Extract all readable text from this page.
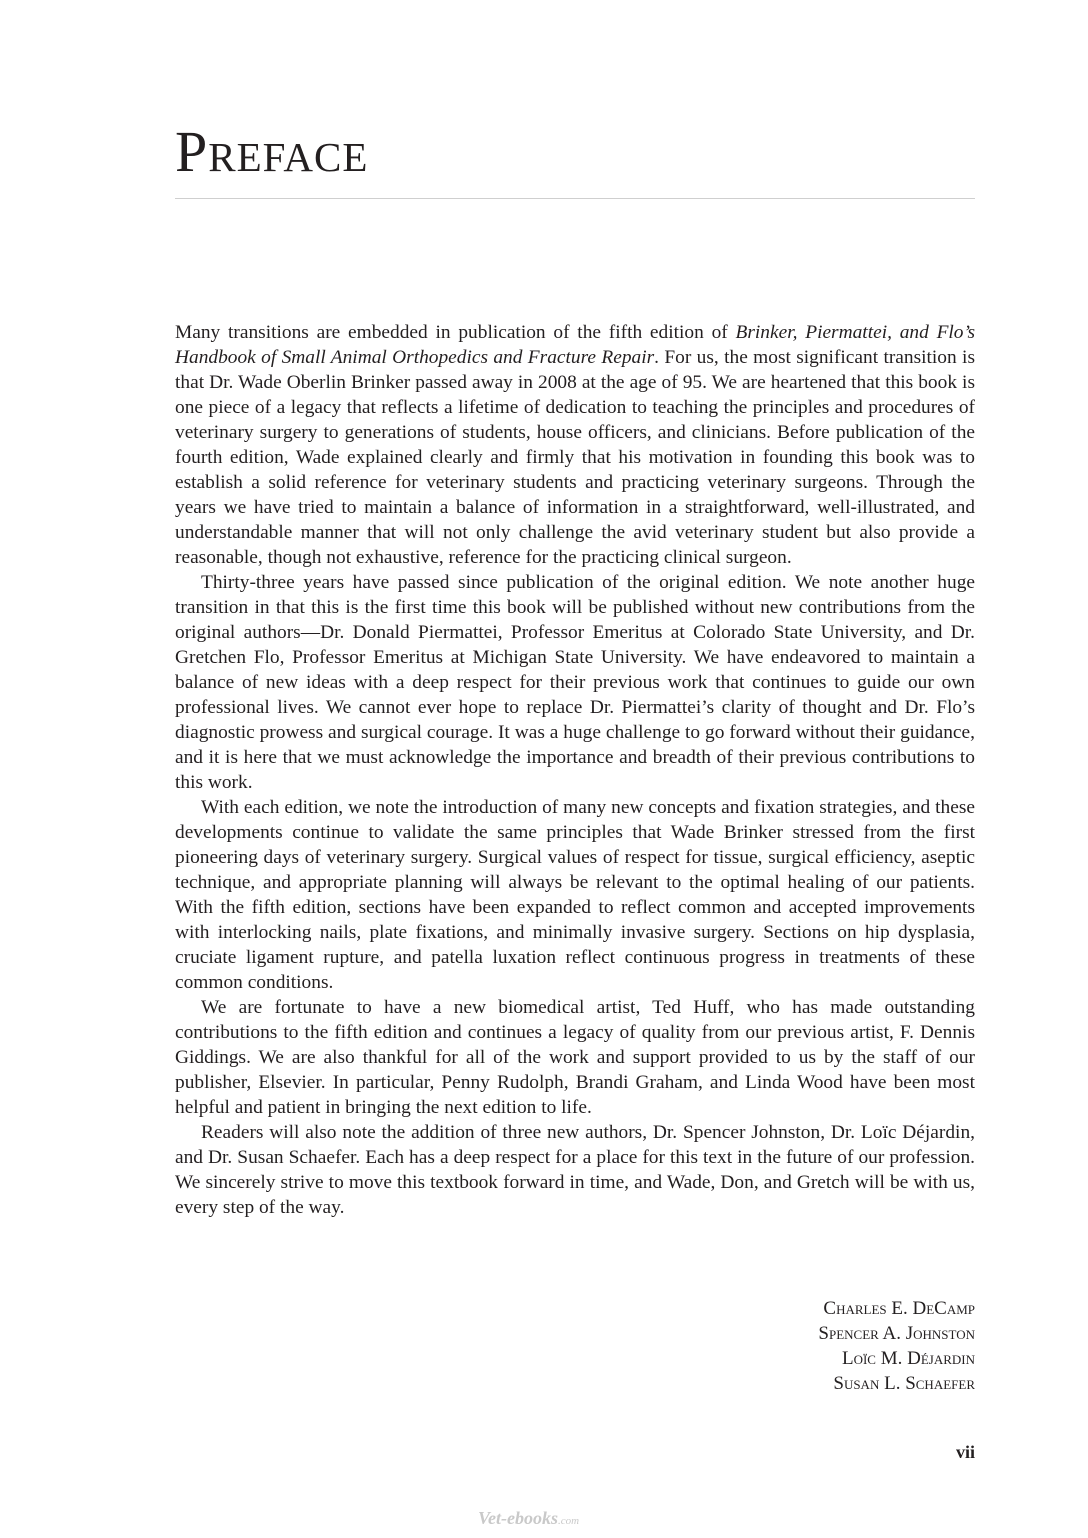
Preface

Many transitions are embedded in publication of the fifth edition of Brinker, Piermattei, and Flo’s Handbook of Small Animal Orthopedics and Fracture Repair. For us, the most significant transition is that Dr. Wade Oberlin Brinker passed away in 2008 at the age of 95. We are heartened that this book is one piece of a legacy that reflects a lifetime of dedication to teaching the principles and procedures of veterinary surgery to generations of students, house officers, and clinicians. Before publication of the fourth edition, Wade explained clearly and firmly that his motivation in founding this book was to establish a solid reference for veterinary students and practicing veterinary surgeons. Through the years we have tried to maintain a balance of information in a straightforward, well-illustrated, and understandable manner that will not only challenge the avid veterinary student but also provide a reasonable, though not exhaustive, reference for the practicing clinical surgeon.

Thirty-three years have passed since publication of the original edition. We note another huge transition in that this is the first time this book will be published without new contributions from the original authors—Dr. Donald Piermattei, Professor Emeritus at Colorado State University, and Dr. Gretchen Flo, Professor Emeritus at Michigan State University. We have endeavored to maintain a balance of new ideas with a deep respect for their previous work that continues to guide our own professional lives. We cannot ever hope to replace Dr. Piermattei’s clarity of thought and Dr. Flo’s diagnostic prowess and surgical courage. It was a huge challenge to go forward without their guidance, and it is here that we must acknowledge the importance and breadth of their previous contributions to this work.

With each edition, we note the introduction of many new concepts and fixation strategies, and these developments continue to validate the same principles that Wade Brinker stressed from the first pioneering days of veterinary surgery. Surgical values of respect for tissue, surgical efficiency, aseptic technique, and appropriate planning will always be relevant to the optimal healing of our patients. With the fifth edition, sections have been expanded to reflect common and accepted improvements with interlocking nails, plate fixations, and minimally invasive surgery. Sections on hip dysplasia, cruciate ligament rupture, and patella luxation reflect continuous progress in treatments of these common conditions.

We are fortunate to have a new biomedical artist, Ted Huff, who has made outstanding contributions to the fifth edition and continues a legacy of quality from our previous artist, F. Dennis Giddings. We are also thankful for all of the work and support provided to us by the staff of our publisher, Elsevier. In particular, Penny Rudolph, Brandi Graham, and Linda Wood have been most helpful and patient in bringing the next edition to life.

Readers will also note the addition of three new authors, Dr. Spencer Johnston, Dr. Loïc Déjardin, and Dr. Susan Schaefer. Each has a deep respect for a place for this text in the future of our profession. We sincerely strive to move this textbook forward in time, and Wade, Don, and Gretch will be with us, every step of the way.

Charles E. DeCamp
Spencer A. Johnston
Loïc M. Déjardin
Susan L. Schaefer
vii
Vet-ebooks.com
